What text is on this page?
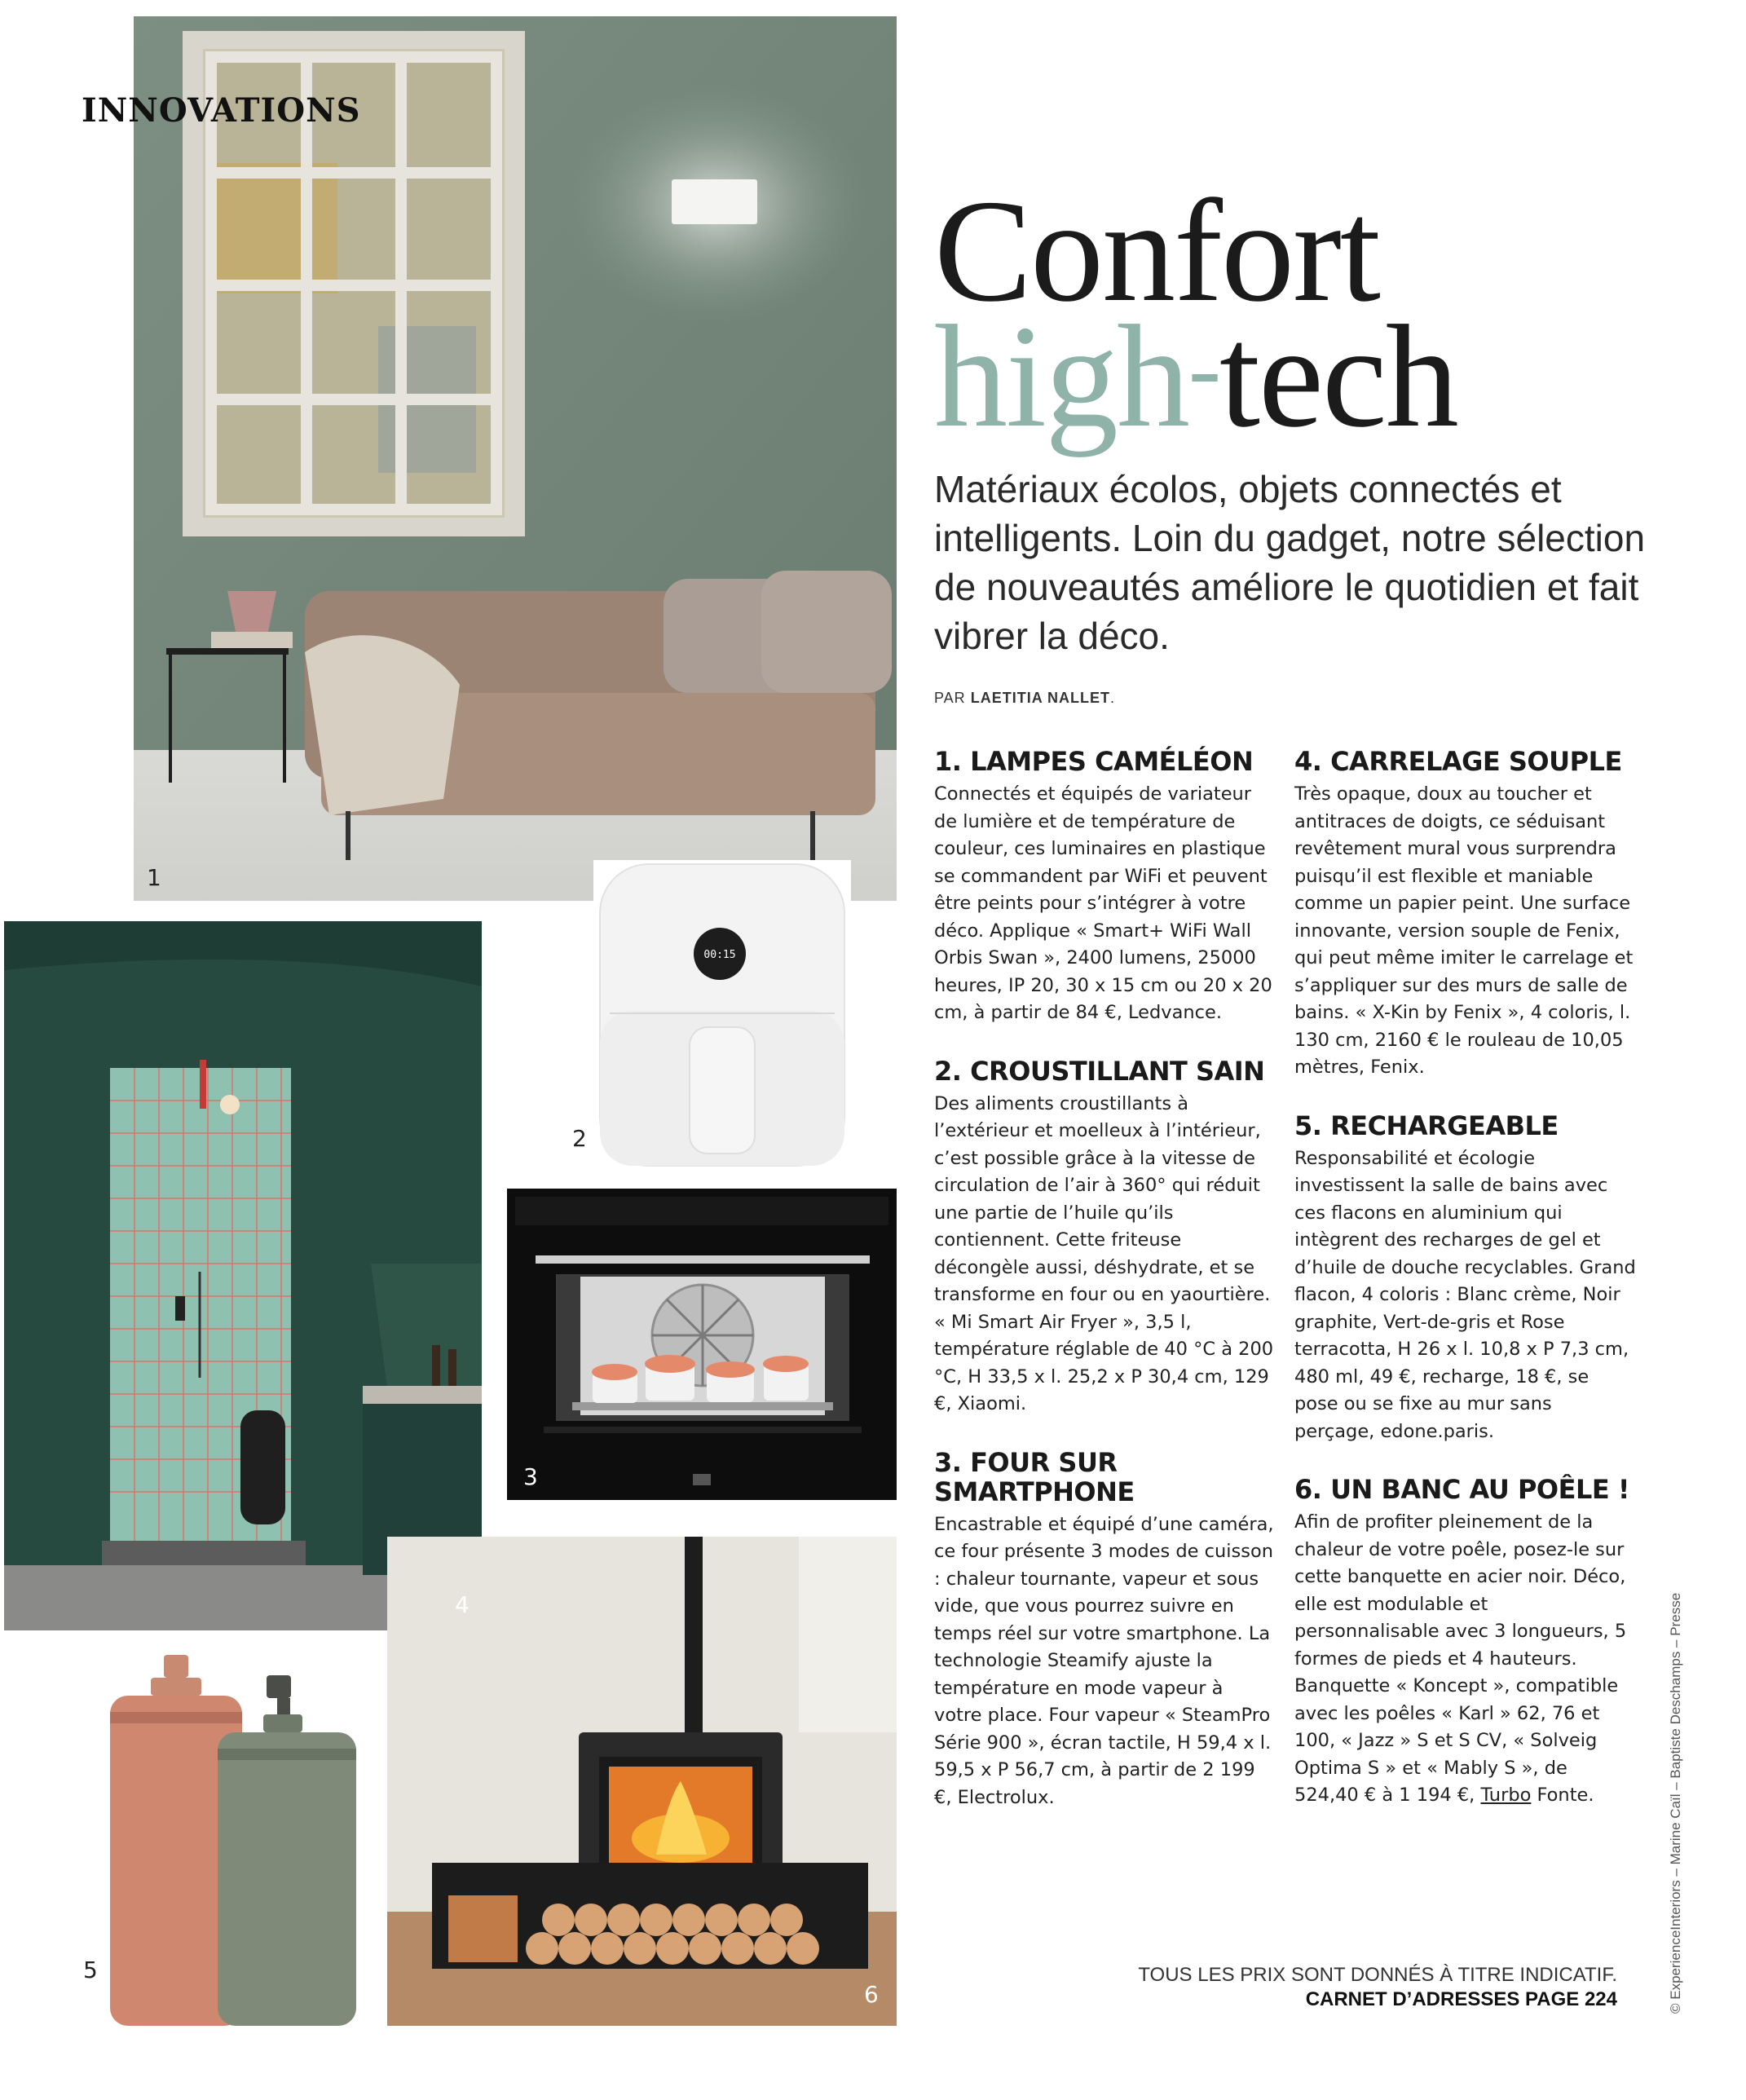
INNOVATIONS
1
00:15
2
3
4
5
6
Confort
high-tech
Matériaux écolos, objets connectés et intelligents. Loin du gadget, notre sélection de nouveautés améliore le quotidien et fait vibrer la déco.
PAR LAETITIA NALLET.
1. LAMPES CAMÉLÉON

Connectés et équipés de variateur de lumière et de température de couleur, ces luminaires en plastique se commandent par WiFi et peuvent être peints pour s’intégrer à votre déco. Applique « Smart+ WiFi Wall Orbis Swan », 2400 lumens, 25000 heures, IP 20, 30 x 15 cm ou 20 x 20 cm, à partir de 84 €, Ledvance.

2. CROUSTILLANT SAIN

Des aliments croustillants à l’extérieur et moelleux à l’intérieur, c’est possible grâce à la vitesse de circulation de l’air à 360° qui réduit une partie de l’huile qu’ils contiennent. Cette friteuse décongèle aussi, déshydrate, et se transforme en four ou en yaourtière. « Mi Smart Air Fryer », 3,5 l, température réglable de 40 °C à 200 °C, H 33,5 x l. 25,2 x P 30,4 cm, 129 €, Xiaomi.

3. FOUR SUR SMARTPHONE

Encastrable et équipé d’une caméra, ce four présente 3 modes de cuisson : chaleur tournante, vapeur et sous vide, que vous pourrez suivre en temps réel sur votre smartphone. La technologie Steamify ajuste la température en mode vapeur à votre place. Four vapeur « SteamPro Série 900 », écran tactile, H 59,4 x l. 59,5 x P 56,7 cm, à partir de 2 199 €, Electrolux.

4. CARRELAGE SOUPLE

Très opaque, doux au toucher et antitraces de doigts, ce séduisant revêtement mural vous surprendra puisqu’il est flexible et maniable comme un papier peint. Une surface innovante, version souple de Fenix, qui peut même imiter le carrelage et s’appliquer sur des murs de salle de bains. « X-Kin by Fenix », 4 coloris, l. 130 cm, 2160 € le rouleau de 10,05 mètres, Fenix.

5. RECHARGEABLE

Responsabilité et écologie investissent la salle de bains avec ces flacons en aluminium qui intègrent des recharges de gel et d’huile de douche recyclables. Grand flacon, 4 coloris : Blanc crème, Noir graphite, Vert-de-gris et Rose terracotta, H 26 x l. 10,8 x P 7,3 cm, 480 ml, 49 €, recharge, 18 €, se pose ou se fixe au mur sans perçage, edone.paris.

6. UN BANC AU POÊLE !

Afin de profiter pleinement de la chaleur de votre poêle, posez-le sur cette banquette en acier noir. Déco, elle est modulable et personnalisable avec 3 longueurs, 5 formes de pieds et 4 hauteurs. Banquette « Koncept », compatible avec les poêles « Karl » 62, 76 et 100, « Jazz » S et S CV, « Solveig Optima S » et « Mably S », de 524,40 € à 1 194 €, Turbo Fonte.

TOUS LES PRIX SONT DONNÉS À TITRE INDICATIF.
CARNET D’ADRESSES PAGE 224	© ExperienceInteriors – Marine Caïl – Baptiste Deschamps – Presse
